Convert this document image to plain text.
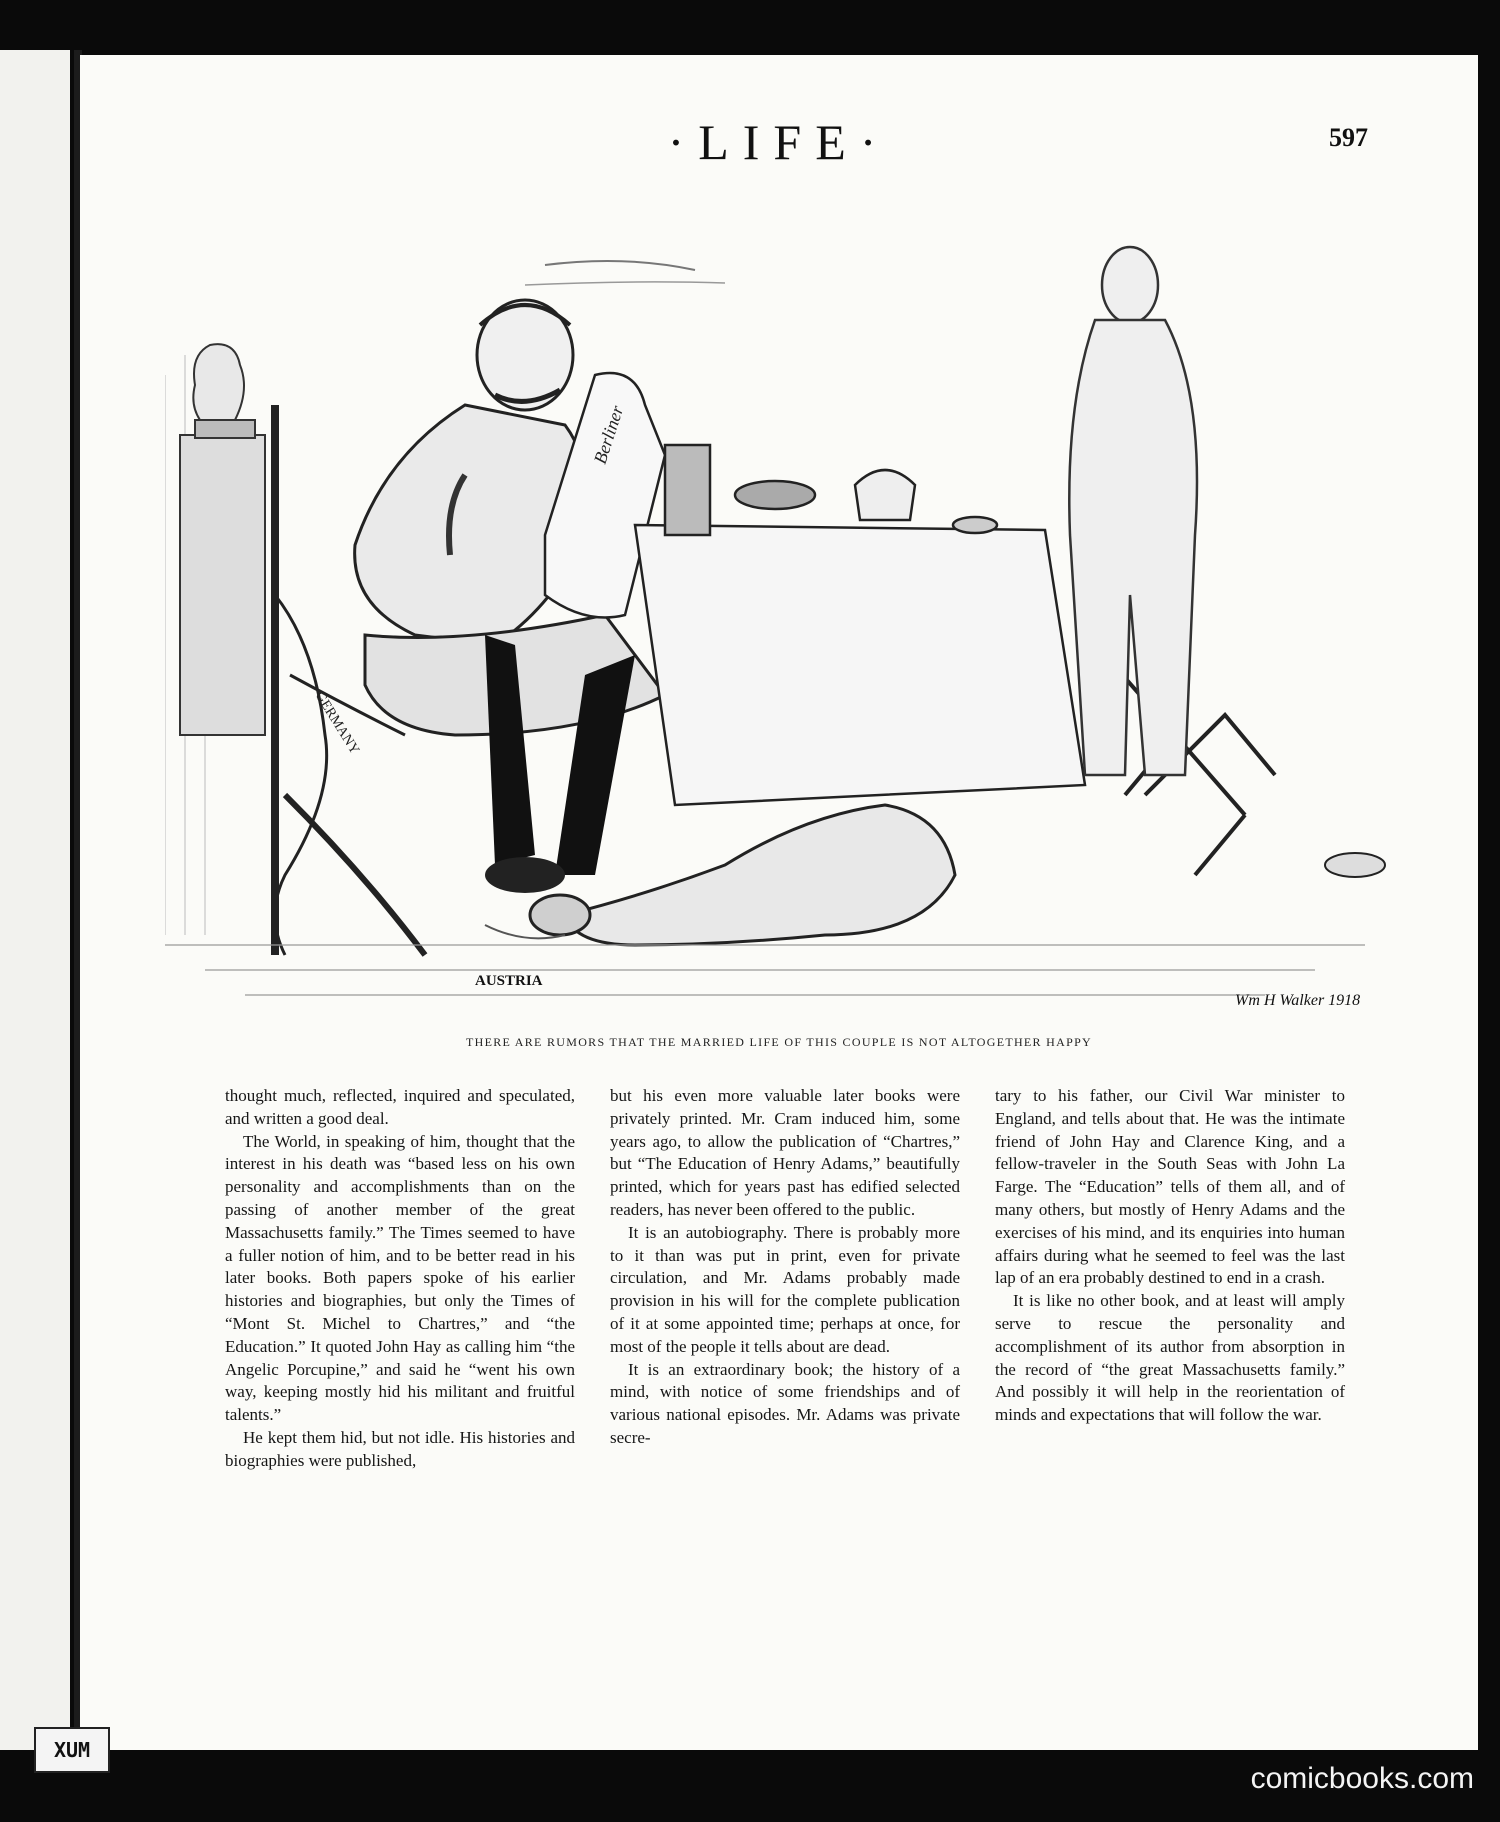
·LIFE·	597
GERMANY
Berliner
AUSTRIA
Wm H Walker 1918
THERE ARE RUMORS THAT THE MARRIED LIFE OF THIS COUPLE IS NOT ALTOGETHER HAPPY

thought much, reflected, inquired and speculated, and written a good deal.

The World, in speaking of him, thought that the interest in his death was “based less on his own personality and accomplishments than on the passing of another member of the great Massachusetts family.” The Times seemed to have a fuller notion of him, and to be better read in his later books. Both papers spoke of his earlier histories and biographies, but only the Times of “Mont St. Michel to Chartres,” and “the Education.” It quoted John Hay as calling him “the Angelic Porcupine,” and said he “went his own way, keeping mostly hid his militant and fruitful talents.”

He kept them hid, but not idle. His histories and biographies were published,

but his even more valuable later books were privately printed. Mr. Cram induced him, some years ago, to allow the publication of “Chartres,” but “The Education of Henry Adams,” beautifully printed, which for years past has edified selected readers, has never been offered to the public.

It is an autobiography. There is probably more to it than was put in print, even for private circulation, and Mr. Adams probably made provision in his will for the complete publication of it at some appointed time; perhaps at once, for most of the people it tells about are dead.

It is an extraordinary book; the history of a mind, with notice of some friendships and of various national episodes. Mr. Adams was private secre-

tary to his father, our Civil War minister to England, and tells about that. He was the intimate friend of John Hay and Clarence King, and a fellow-traveler in the South Seas with John La Farge. The “Education” tells of them all, and of many others, but mostly of Henry Adams and the exercises of his mind, and its enquiries into human affairs during what he seemed to feel was the last lap of an era probably destined to end in a crash.

It is like no other book, and at least will amply serve to rescue the personality and accomplishment of its author from absorption in the record of “the great Massachusetts family.” And possibly it will help in the reorientation of minds and expectations that will follow the war.

XUM
comicbooks.com
